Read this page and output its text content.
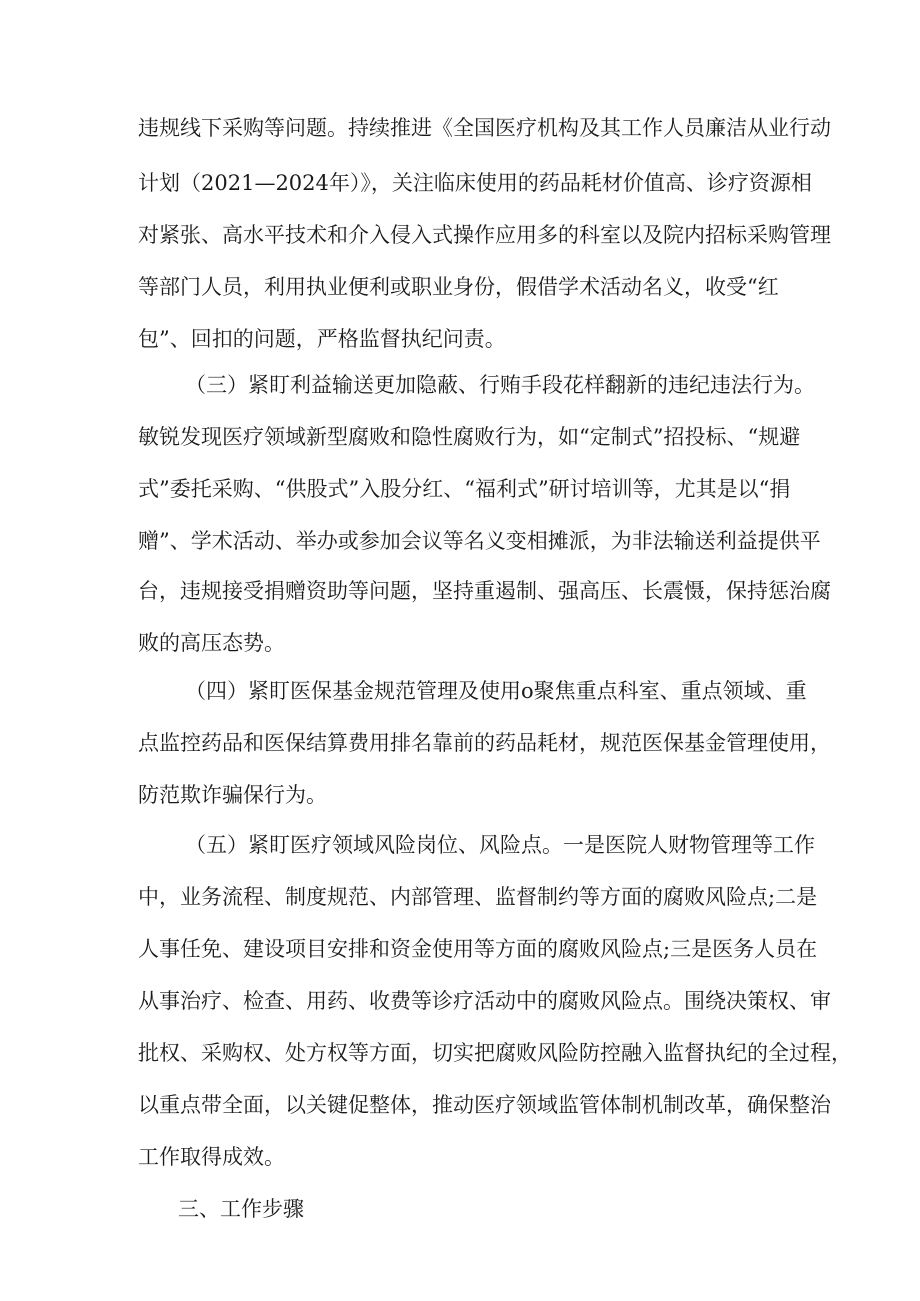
违规线下采购等问题。持续推进《全国医疗机构及其工作人员廉洁从业行动
计划（2021—2024年）》，关注临床使用的药品耗材价值高、诊疗资源相
对紧张、高水平技术和介入侵入式操作应用多的科室以及院内招标采购管理
等部门人员，利用执业便利或职业身份，假借学术活动名义，收受“红
包”、回扣的问题，严格监督执纪问责。
（三）紧盯利益输送更加隐蔽、行贿手段花样翻新的违纪违法行为。
敏锐发现医疗领域新型腐败和隐性腐败行为，如“定制式”招投标、“规避
式”委托采购、“供股式”入股分红、“福利式”研讨培训等，尤其是以“捐
赠”、学术活动、举办或参加会议等名义变相摊派，为非法输送利益提供平
台，违规接受捐赠资助等问题，坚持重遏制、强高压、长震慑，保持惩治腐
败的高压态势。
（四）紧盯医保基金规范管理及使用o聚焦重点科室、重点领域、重
点监控药品和医保结算费用排名靠前的药品耗材，规范医保基金管理使用，
防范欺诈骗保行为。
（五）紧盯医疗领域风险岗位、风险点。一是医院人财物管理等工作
中，业务流程、制度规范、内部管理、监督制约等方面的腐败风险点;二是
人事任免、建设项目安排和资金使用等方面的腐败风险点;三是医务人员在
从事治疗、检查、用药、收费等诊疗活动中的腐败风险点。围绕决策权、审
批权、采购权、处方权等方面，切实把腐败风险防控融入监督执纪的全过程，
以重点带全面，以关键促整体，推动医疗领域监管体制机制改革，确保整治
工作取得成效。
三、工作步骤
